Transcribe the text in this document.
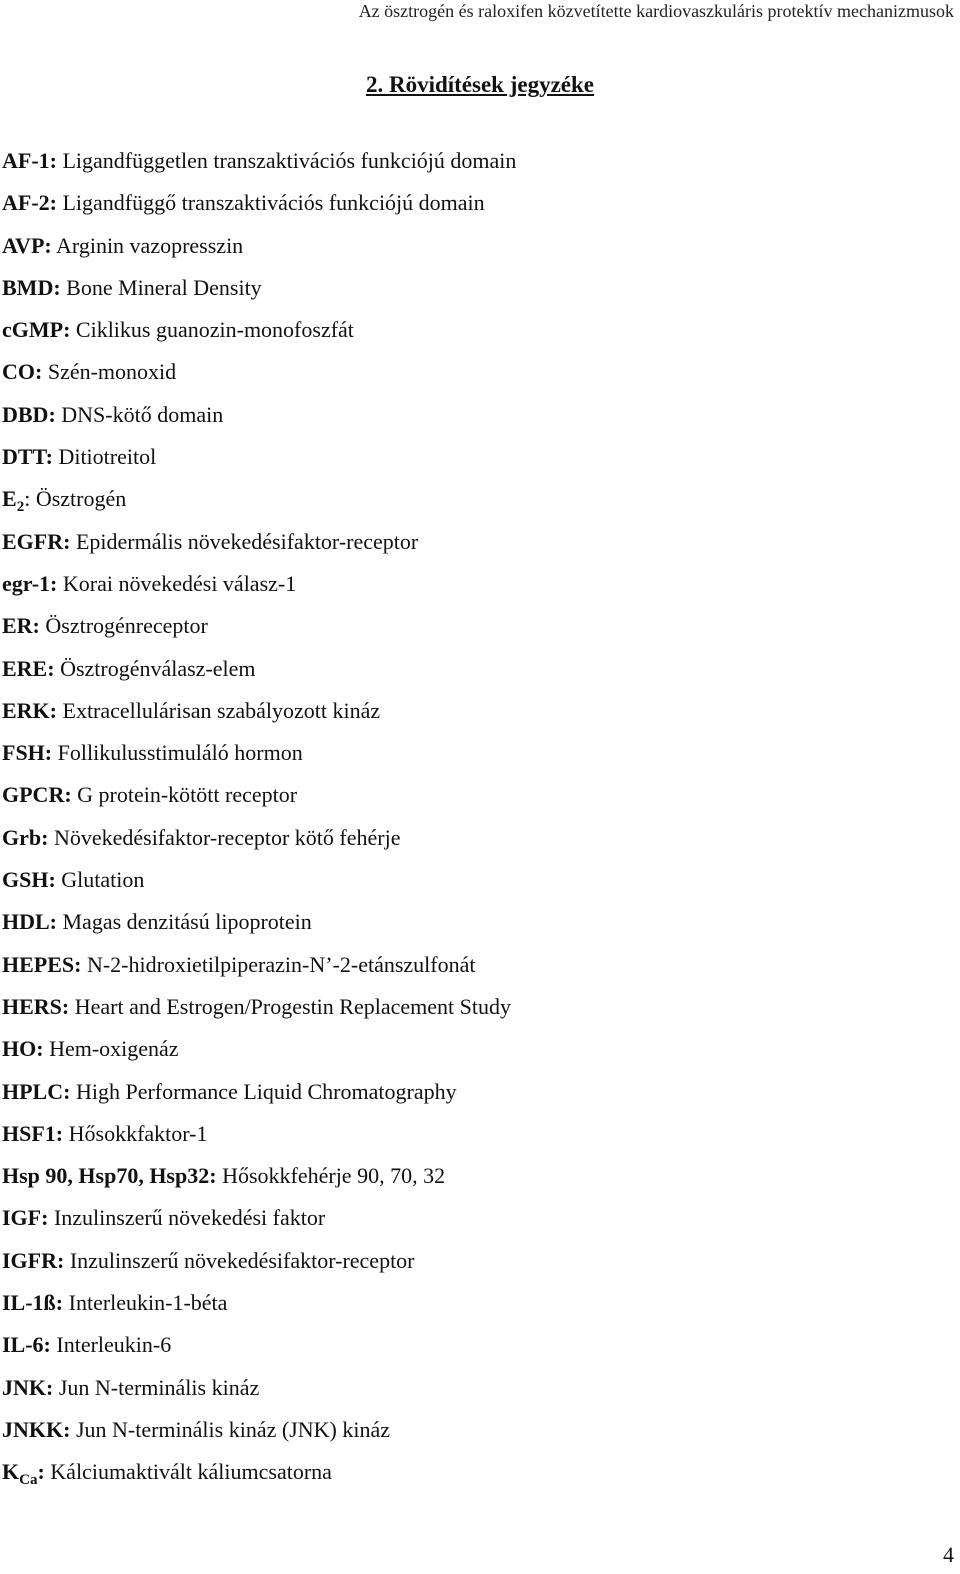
Az ösztrogén és raloxifen közvetítette kardiovaszkuláris protektív mechanizmusok
2. Rövidítések jegyzéke
AF-1: Ligandfüggetlen transzaktivációs funkciójú domain
AF-2: Ligandfüggő transzaktivációs funkciójú domain
AVP: Arginin vazopresszin
BMD: Bone Mineral Density
cGMP: Ciklikus guanozin-monofoszfát
CO: Szén-monoxid
DBD: DNS-kötő domain
DTT: Ditiotreitol
$E_2$: Ösztrogén
EGFR: Epidermális növekedésifaktor-receptor
egr-1: Korai növekedési válasz-1
ER: Ösztrogénreceptor
ERE: Ösztrogénválasz-elem
ERK: Extracellulárisan szabályozott kináz
FSH: Follikulusstimuláló hormon
GPCR: G protein-kötött receptor
Grb: Növekedésifaktor-receptor kötő fehérje
GSH: Glutation
HDL: Magas denzitású lipoprotein
HEPES: N-2-hidroxietilpiperazin-N’-2-etánszulfonát
HERS: Heart and Estrogen/Progestin Replacement Study
HO: Hem-oxigenáz
HPLC: High Performance Liquid Chromatography
HSF1: Hősokkfaktor-1
Hsp 90, Hsp70, Hsp32: Hősokkfehérje 90, 70, 32
IGF: Inzulinszerű növekedési faktor
IGFR: Inzulinszerű növekedésifaktor-receptor
IL-1ß: Interleukin-1-béta
IL-6: Interleukin-6
JNK: Jun N-terminális kináz
JNKK: Jun N-terminális kináz (JNK) kináz
$K_{Ca}$: Kálciumaktivált káliumcsatorna
4
